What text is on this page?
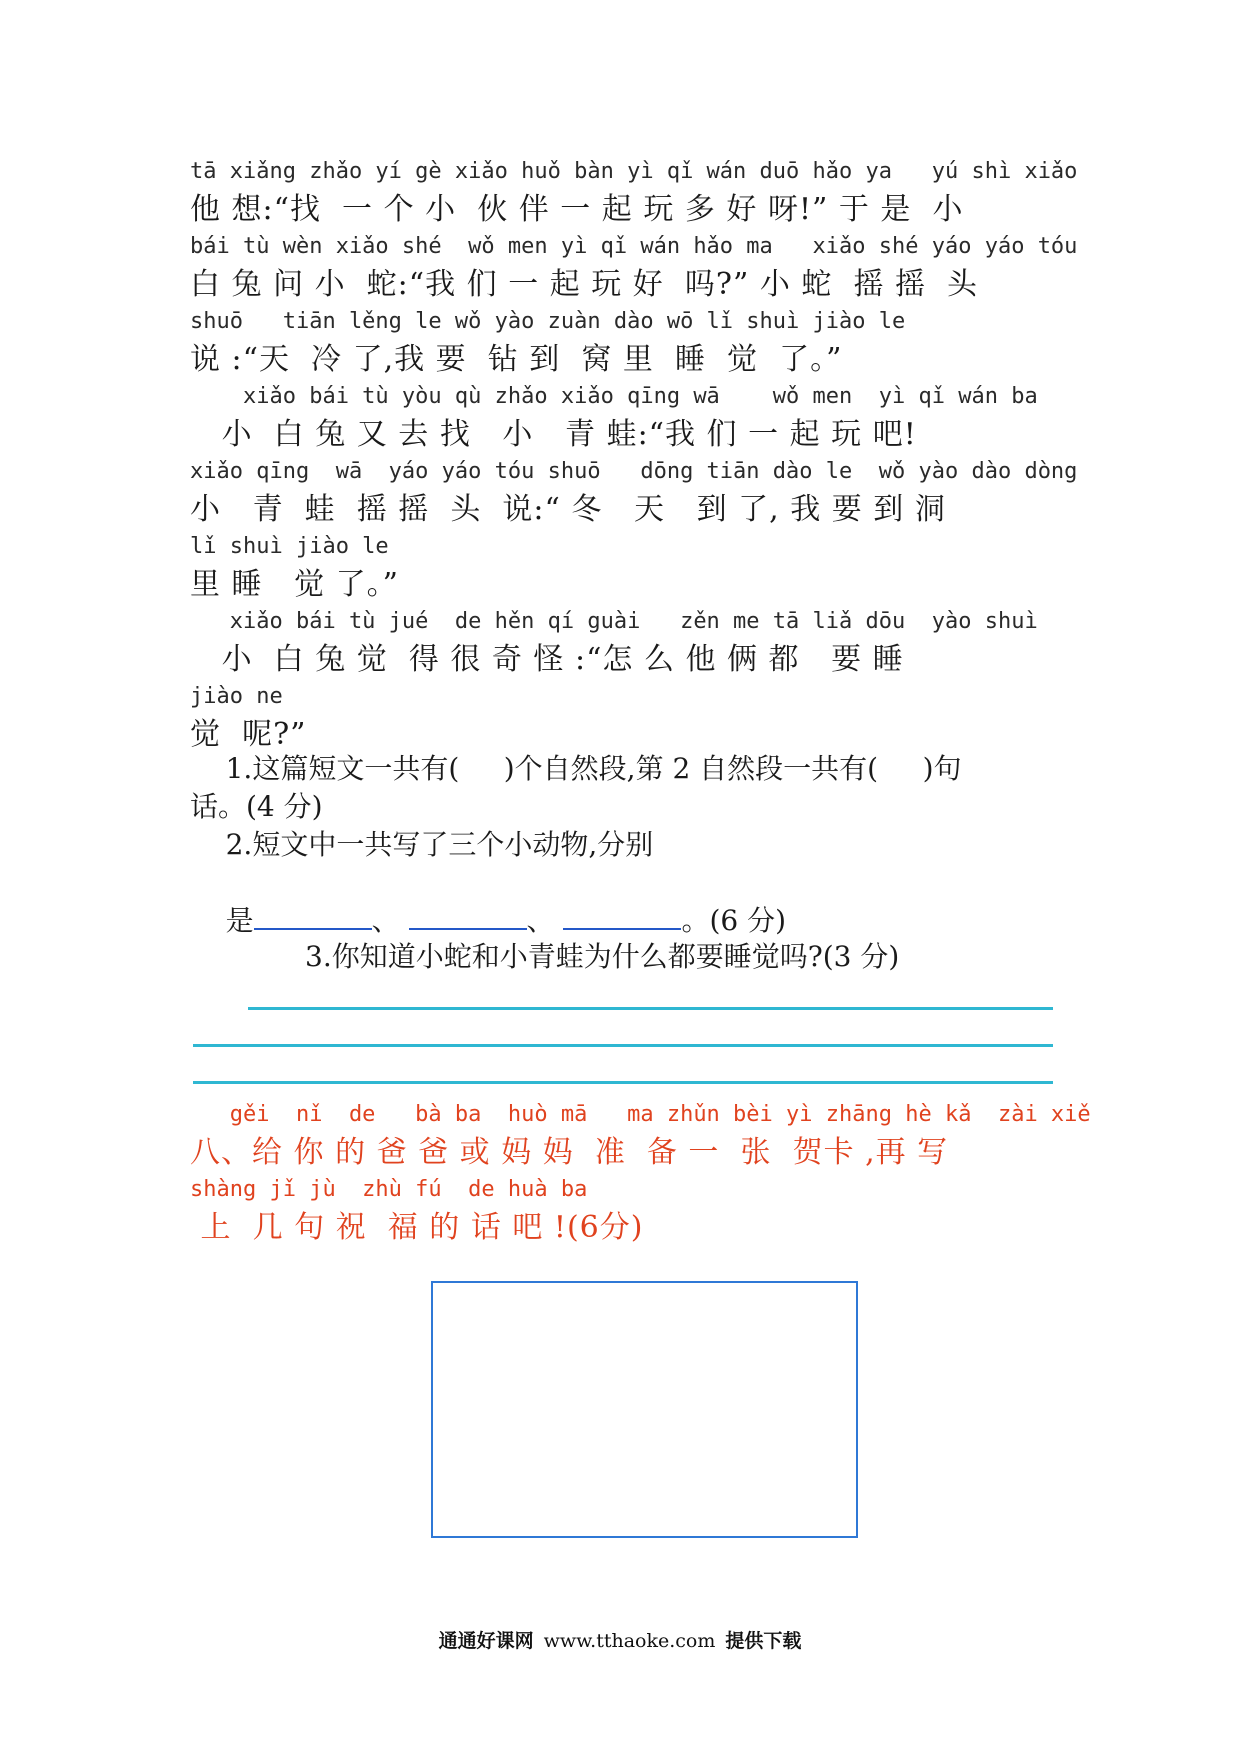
tā xiǎng zhǎo yí gè xiǎo huǒ bàn yì qǐ wán duō hǎo ya   yú shì xiǎo
他 想:“找  一 个 小  伙 伴 一 起 玩 多 好 呀!” 于 是  小
bái tù wèn xiǎo shé  wǒ men yì qǐ wán hǎo ma   xiǎo shé yáo yáo tóu
白 兔 问 小  蛇:“我 们 一 起 玩 好  吗?” 小 蛇  摇 摇  头
shuō   tiān lěng le wǒ yào zuàn dào wō lǐ shuì jiào le
说 :“天  冷 了,我 要  钻 到  窝 里  睡  觉  了。”
xiǎo bái tù yòu qù zhǎo xiǎo qīng wā    wǒ men  yì qǐ wán ba
小  白 兔 又 去 找   小   青 蛙:“我 们 一 起 玩 吧!
xiǎo qīng  wā  yáo yáo tóu shuō   dōng tiān dào le  wǒ yào dào dòng
小   青  蛙  摇 摇  头  说:“ 冬   天   到 了, 我 要 到 洞
lǐ shuì jiào le
里 睡   觉 了。”
xiǎo bái tù jué  de hěn qí guài   zěn me tā liǎ dōu  yào shuì
小  白 兔 觉  得 很 奇 怪 :“怎 么 他 俩 都   要 睡
jiào ne
觉  呢?”
1.这篇短文一共有(     )个自然段,第 2 自然段一共有(     )句
话。(4 分)
2.短文中一共写了三个小动物,分别

是	、	、	。(6 分)

3.你知道小蛇和小青蛙为什么都要睡觉吗?(3 分)
gěi  nǐ  de   bà ba  huò mā   ma zhǔn bèi yì zhāng hè kǎ  zài xiě
八、给 你 的 爸 爸 或 妈 妈  准  备 一  张  贺卡 ,再 写
shàng jǐ jù  zhù fú  de huà ba
上  几 句 祝  福 的 话 吧 !(6分)
通通好课网 www.tthaoke.com 提供下载
